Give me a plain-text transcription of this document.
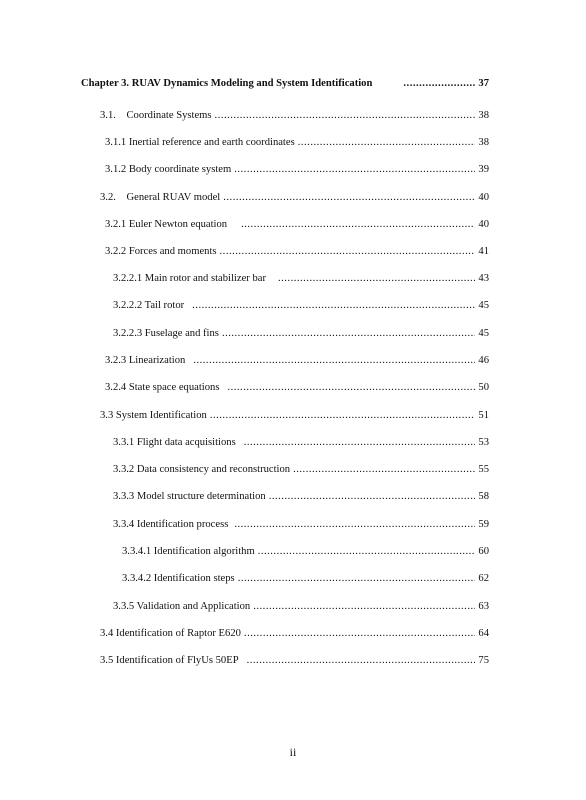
Chapter 3. RUAV Dynamics Modeling and System Identification .....	37
3.1.    Coordinate Systems .....	38
3.1.1 Inertial reference and earth coordinates .....	38
3.1.2 Body coordinate system .....	39
3.2.    General RUAV model .....	40
3.2.1 Euler Newton equation .....	40
3.2.2 Forces and moments .....	41
3.2.2.1 Main rotor and stabilizer bar .....	43
3.2.2.2 Tail rotor .....	45
3.2.2.3 Fuselage and fins .....	45
3.2.3 Linearization .....	46
3.2.4 State space equations .....	50
3.3 System Identification .....	51
3.3.1 Flight data acquisitions .....	53
3.3.2 Data consistency and reconstruction .....	55
3.3.3 Model structure determination .....	58
3.3.4 Identification process .....	59
3.3.4.1 Identification algorithm .....	60
3.3.4.2 Identification steps .....	62
3.3.5 Validation and Application .....	63
3.4 Identification of Raptor E620 .....	64
3.5 Identification of FlyUs 50EP .....	75
ii
